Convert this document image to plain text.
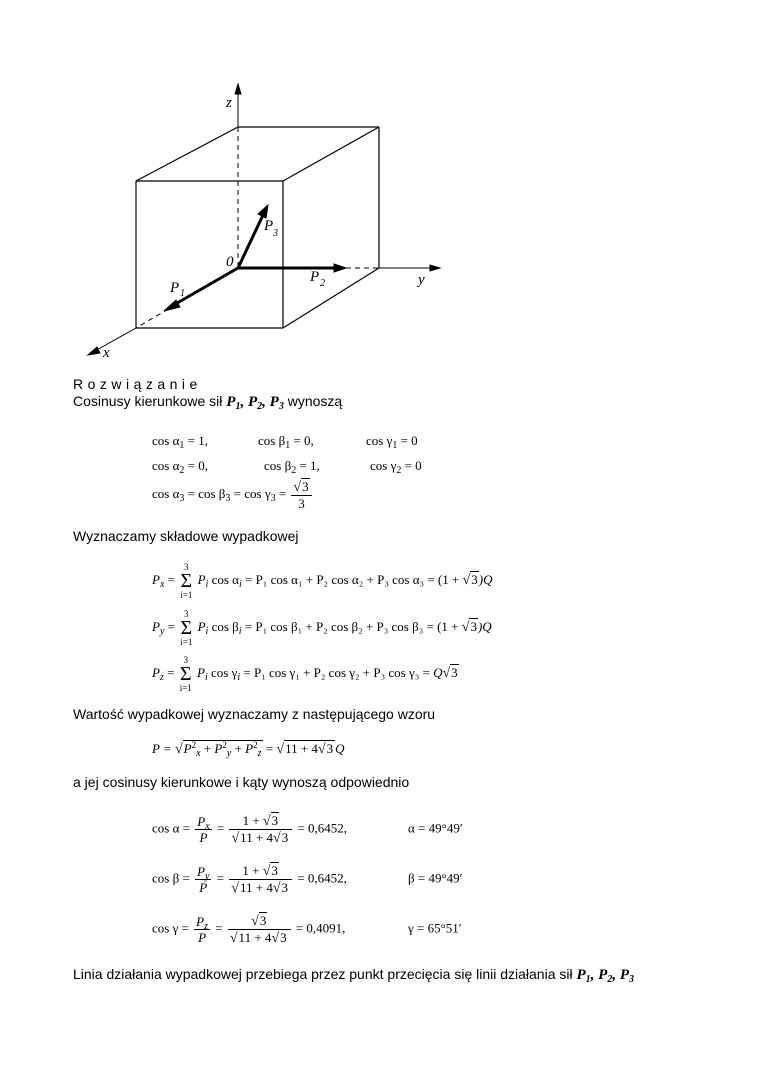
z
y
x
0
P 1
P 2
P 3
R o z w i ą z a n i e
Cosinusy kierunkowe sił $P_1$, $P_2$, $P_3$ wynoszą
$\cos \alpha_1 = 1$,	$\cos \beta_1 = 0$,	$\cos \gamma_1 = 0$
$\cos \alpha_2 = 0$,	$\cos \beta_2 = 1$,	$\cos \gamma_2 = 0$
$\cos \alpha_3 = \cos \beta_3 = \cos \gamma_3 = \frac{√3}{3}$
Wyznaczamy składowe wypadkowej
$P_x$ =
3
Σ
i=1
$P_i$ $\cos \alpha_i = P_1$ cos α₁ + P₂ cos α₂ + P₃ cos α₃ = (1 + √3)Q
$P_y$ =
3
Σ
i=1
$P_i$ $\cos \beta_i = P_1$ cos β₁ + P₂ cos β₂ + P₃ cos β₃ = (1 + √3)Q
$P_z$ =
3
Σ
i=1
$P_i$ $\cos \gamma_i = P_1$ cos γ₁ + P₂ cos γ₂ + P₃ cos γ₃ = Q√3
Wartość wypadkowej wyznaczamy z następującego wzoru
$P = √P^2_x + P^2_y + P^2_z = √11 + 4√3$ Q
a jej cosinusy kierunkowe i kąty wynoszą odpowiednio
$\cos \alpha = \frac{P_x}{P} = \frac{1 + √3}{√11 + 4√3} = 0,6452$,	α = 49°49′
$\cos \beta = \frac{P_y}{P} = \frac{1 + √3}{√11 + 4√3} = 0,6452$,	β = 49°49′
$\cos \gamma = \frac{P_z}{P} = \frac{√3}{√11 + 4√3} = 0,4091$,	γ = 65°51′
Linia działania wypadkowej przebiega przez punkt przecięcia się linii działania sił $P_1$, $P_2$, $P_3$
